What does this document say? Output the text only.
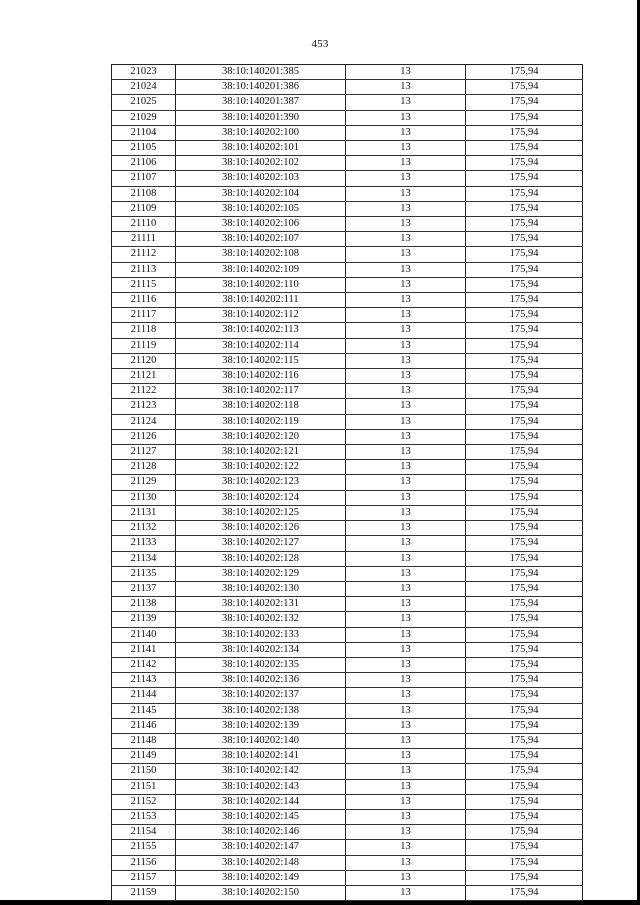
453
21023	38:10:140201:385	13	175,94
21024	38:10:140201:386	13	175,94
21025	38:10:140201:387	13	175,94
21029	38:10:140201:390	13	175,94
21104	38:10:140202:100	13	175,94
21105	38:10:140202:101	13	175,94
21106	38:10:140202:102	13	175,94
21107	38:10:140202:103	13	175,94
21108	38:10:140202:104	13	175,94
21109	38:10:140202:105	13	175,94
21110	38:10:140202:106	13	175,94
21111	38:10:140202:107	13	175,94
21112	38:10:140202:108	13	175,94
21113	38:10:140202:109	13	175,94
21115	38:10:140202:110	13	175,94
21116	38:10:140202:111	13	175,94
21117	38:10:140202:112	13	175,94
21118	38:10:140202:113	13	175,94
21119	38:10:140202:114	13	175,94
21120	38:10:140202:115	13	175,94
21121	38:10:140202:116	13	175,94
21122	38:10:140202:117	13	175,94
21123	38:10:140202:118	13	175,94
21124	38:10:140202:119	13	175,94
21126	38:10:140202:120	13	175,94
21127	38:10:140202:121	13	175,94
21128	38:10:140202:122	13	175,94
21129	38:10:140202:123	13	175,94
21130	38:10:140202:124	13	175,94
21131	38:10:140202:125	13	175,94
21132	38:10:140202:126	13	175,94
21133	38:10:140202:127	13	175,94
21134	38:10:140202:128	13	175,94
21135	38:10:140202:129	13	175,94
21137	38:10:140202:130	13	175,94
21138	38:10:140202:131	13	175,94
21139	38:10:140202:132	13	175,94
21140	38:10:140202:133	13	175,94
21141	38:10:140202:134	13	175,94
21142	38:10:140202:135	13	175,94
21143	38:10:140202:136	13	175,94
21144	38:10:140202:137	13	175,94
21145	38:10:140202:138	13	175,94
21146	38:10:140202:139	13	175,94
21148	38:10:140202:140	13	175,94
21149	38:10:140202:141	13	175,94
21150	38:10:140202:142	13	175,94
21151	38:10:140202:143	13	175,94
21152	38:10:140202:144	13	175,94
21153	38:10:140202:145	13	175,94
21154	38:10:140202:146	13	175,94
21155	38:10:140202:147	13	175,94
21156	38:10:140202:148	13	175,94
21157	38:10:140202:149	13	175,94
21159	38:10:140202:150	13	175,94
